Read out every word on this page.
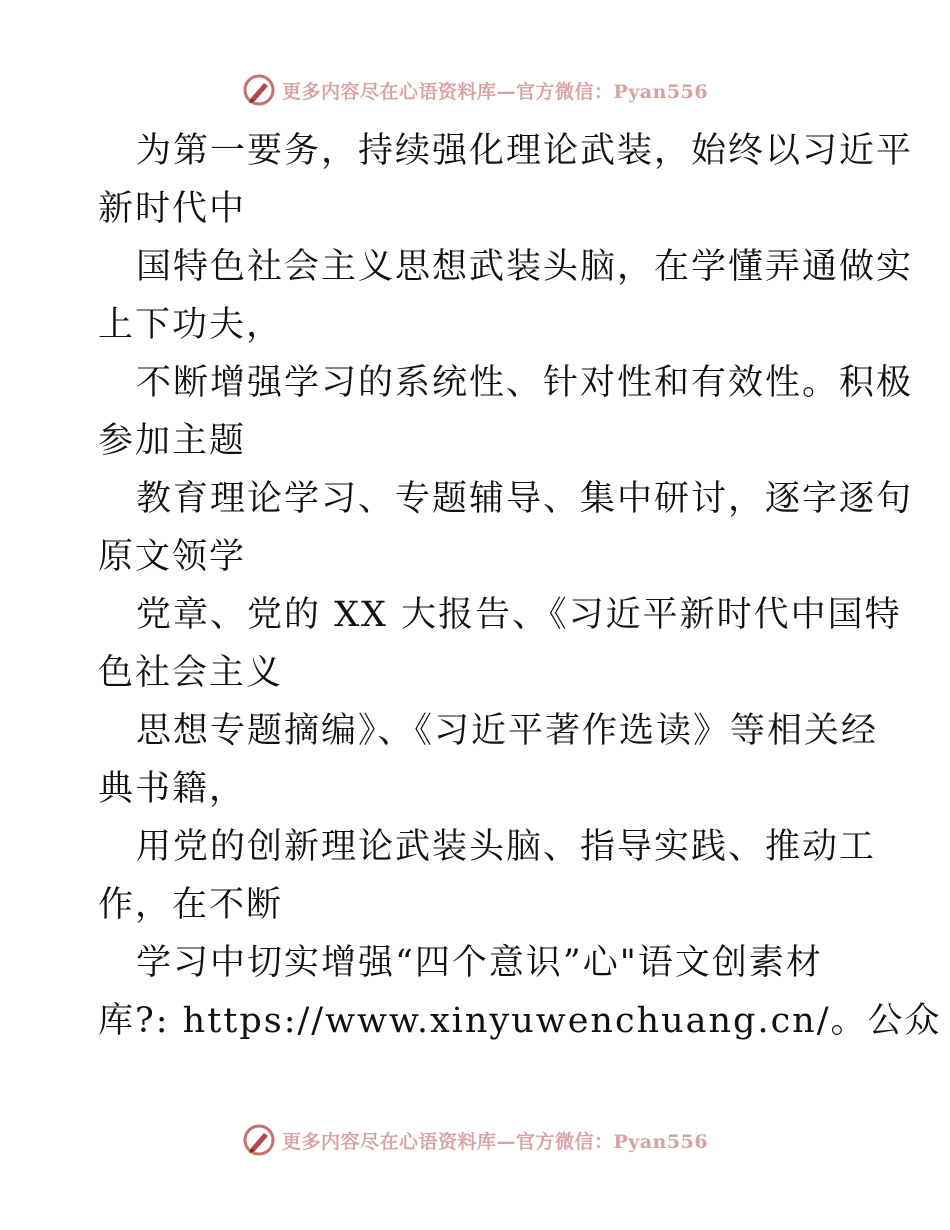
更多内容尽在心语资料库—官方微信：Pyan556
为第一要务，持续强化理论武装，始终以习近平
新时代中
国特色社会主义思想武装头脑，在学懂弄通做实
上下功夫，
不断增强学习的系统性、针对性和有效性。积极
参加主题
教育理论学习、专题辅导、集中研讨，逐字逐句
原文领学
党章、党的 XX 大报告、《习近平新时代中国特
色社会主义
思想专题摘编》、《习近平著作选读》等相关经
典书籍，
用党的创新理论武装头脑、指导实践、推动工
作，在不断
学习中切实增强“四个意识”心"语文创素材
库?: https://www.xinyuwenchuang.cn/。公众
更多内容尽在心语资料库—官方微信：Pyan556
